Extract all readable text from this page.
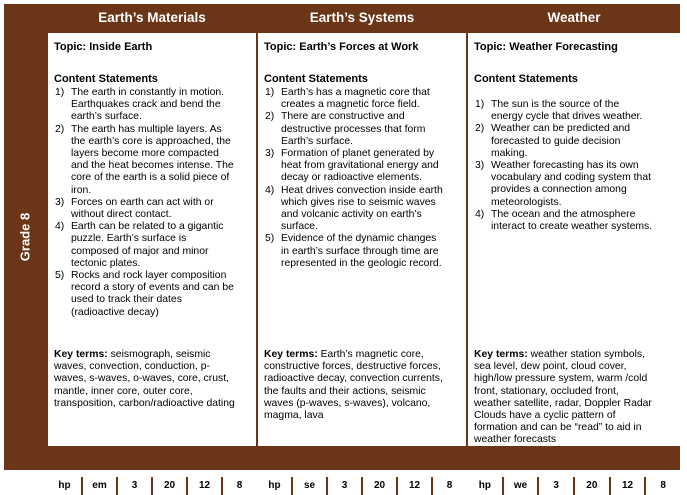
Grade 8
Earth’s Materials
Topic: Inside Earth
Content Statements
1) The earth in constantly in motion.
Earthquakes crack and bend the
earth’s surface.
2) The earth has multiple layers. As
the earth’s core is approached, the
layers become more compacted
and the heat becomes intense. The
core of the earth is a solid piece of
iron.
3) Forces on earth can act with or
without direct contact.
4) Earth can be related to a gigantic
puzzle. Earth’s surface is
composed of major and minor
tectonic plates.
5) Rocks and rock layer composition
record a story of events and can be
used to track their dates
(radioactive decay)
Key terms: seismograph, seismic
waves, convection, conduction, p-
waves, s-waves, o-waves, core, crust,
mantle, inner core, outer core,
transposition, carbon/radioactive dating
hp	em	3	20	12	8
Earth’s Systems
Topic: Earth’s Forces at Work
Content Statements
1) Earth’s has a magnetic core that
creates a magnetic force field.
2) There are constructive and
destructive processes that form
Earth’s surface.
3) Formation of planet generated by
heat from gravitational energy and
decay or radioactive elements.
4) Heat drives convection inside earth
which gives rise to seismic waves
and volcanic activity on earth’s
surface.
5) Evidence of the dynamic changes
in earth’s surface through time are
represented in the geologic record.
Key terms: Earth’s magnetic core,
constructive forces, destructive forces,
radioactive decay, convection currents,
the faults and their actions, seismic
waves (p-waves, s-waves), volcano,
magma, lava
hp	se	3	20	12	8
Weather
Topic: Weather Forecasting
Content Statements
1) The sun is the source of the
energy cycle that drives weather.
2) Weather can be predicted and
forecasted to guide decision
making.
3) Weather forecasting has its own
vocabulary and coding system that
provides a connection among
meteorologists.
4) The ocean and the atmosphere
interact to create weather systems.
Key terms: weather station symbols,
sea level, dew point, cloud cover,
high/low pressure system, warm /cold
front, stationary, occluded front,
weather satellite, radar, Doppler Radar
Clouds have a cyclic pattern of
formation and can be “read” to aid in
weather forecasts
hp	we	3	20	12	8
